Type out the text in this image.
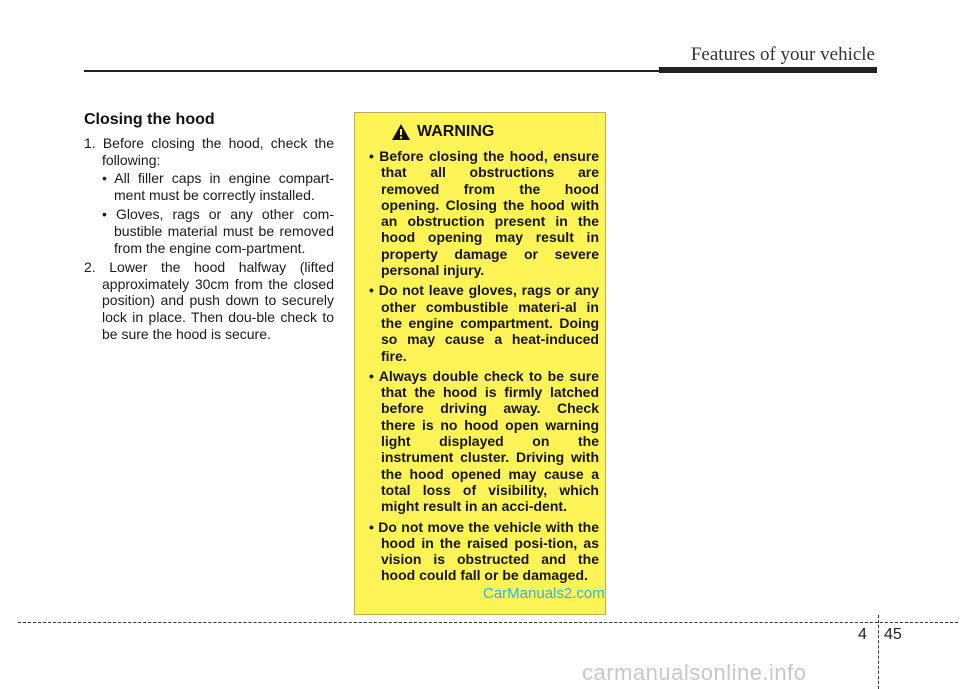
Features of your vehicle
Closing the hood
1. Before closing the hood, check the following:
• All filler caps in engine compart-ment must be correctly installed.
• Gloves, rags or any other com-bustible material must be removed from the engine com-partment.
2. Lower the hood halfway (lifted approximately 30cm from the closed position) and push down to securely lock in place. Then dou-ble check to be sure the hood is secure.
WARNING
• Before closing the hood, ensure that all obstructions are removed from the hood opening. Closing the hood with an obstruction present in the hood opening may result in property damage or severe personal injury.
• Do not leave gloves, rags or any other combustible materi-al in the engine compartment. Doing so may cause a heat-induced fire.
• Always double check to be sure that the hood is firmly latched before driving away. Check there is no hood open warning light displayed on the instrument cluster. Driving with the hood opened may cause a total loss of visibility, which might result in an acci-dent.
• Do not move the vehicle with the hood in the raised posi-tion, as vision is obstructed and the hood could fall or be damaged.
CarManuals2.com
4 45
carmanualsonline.info
